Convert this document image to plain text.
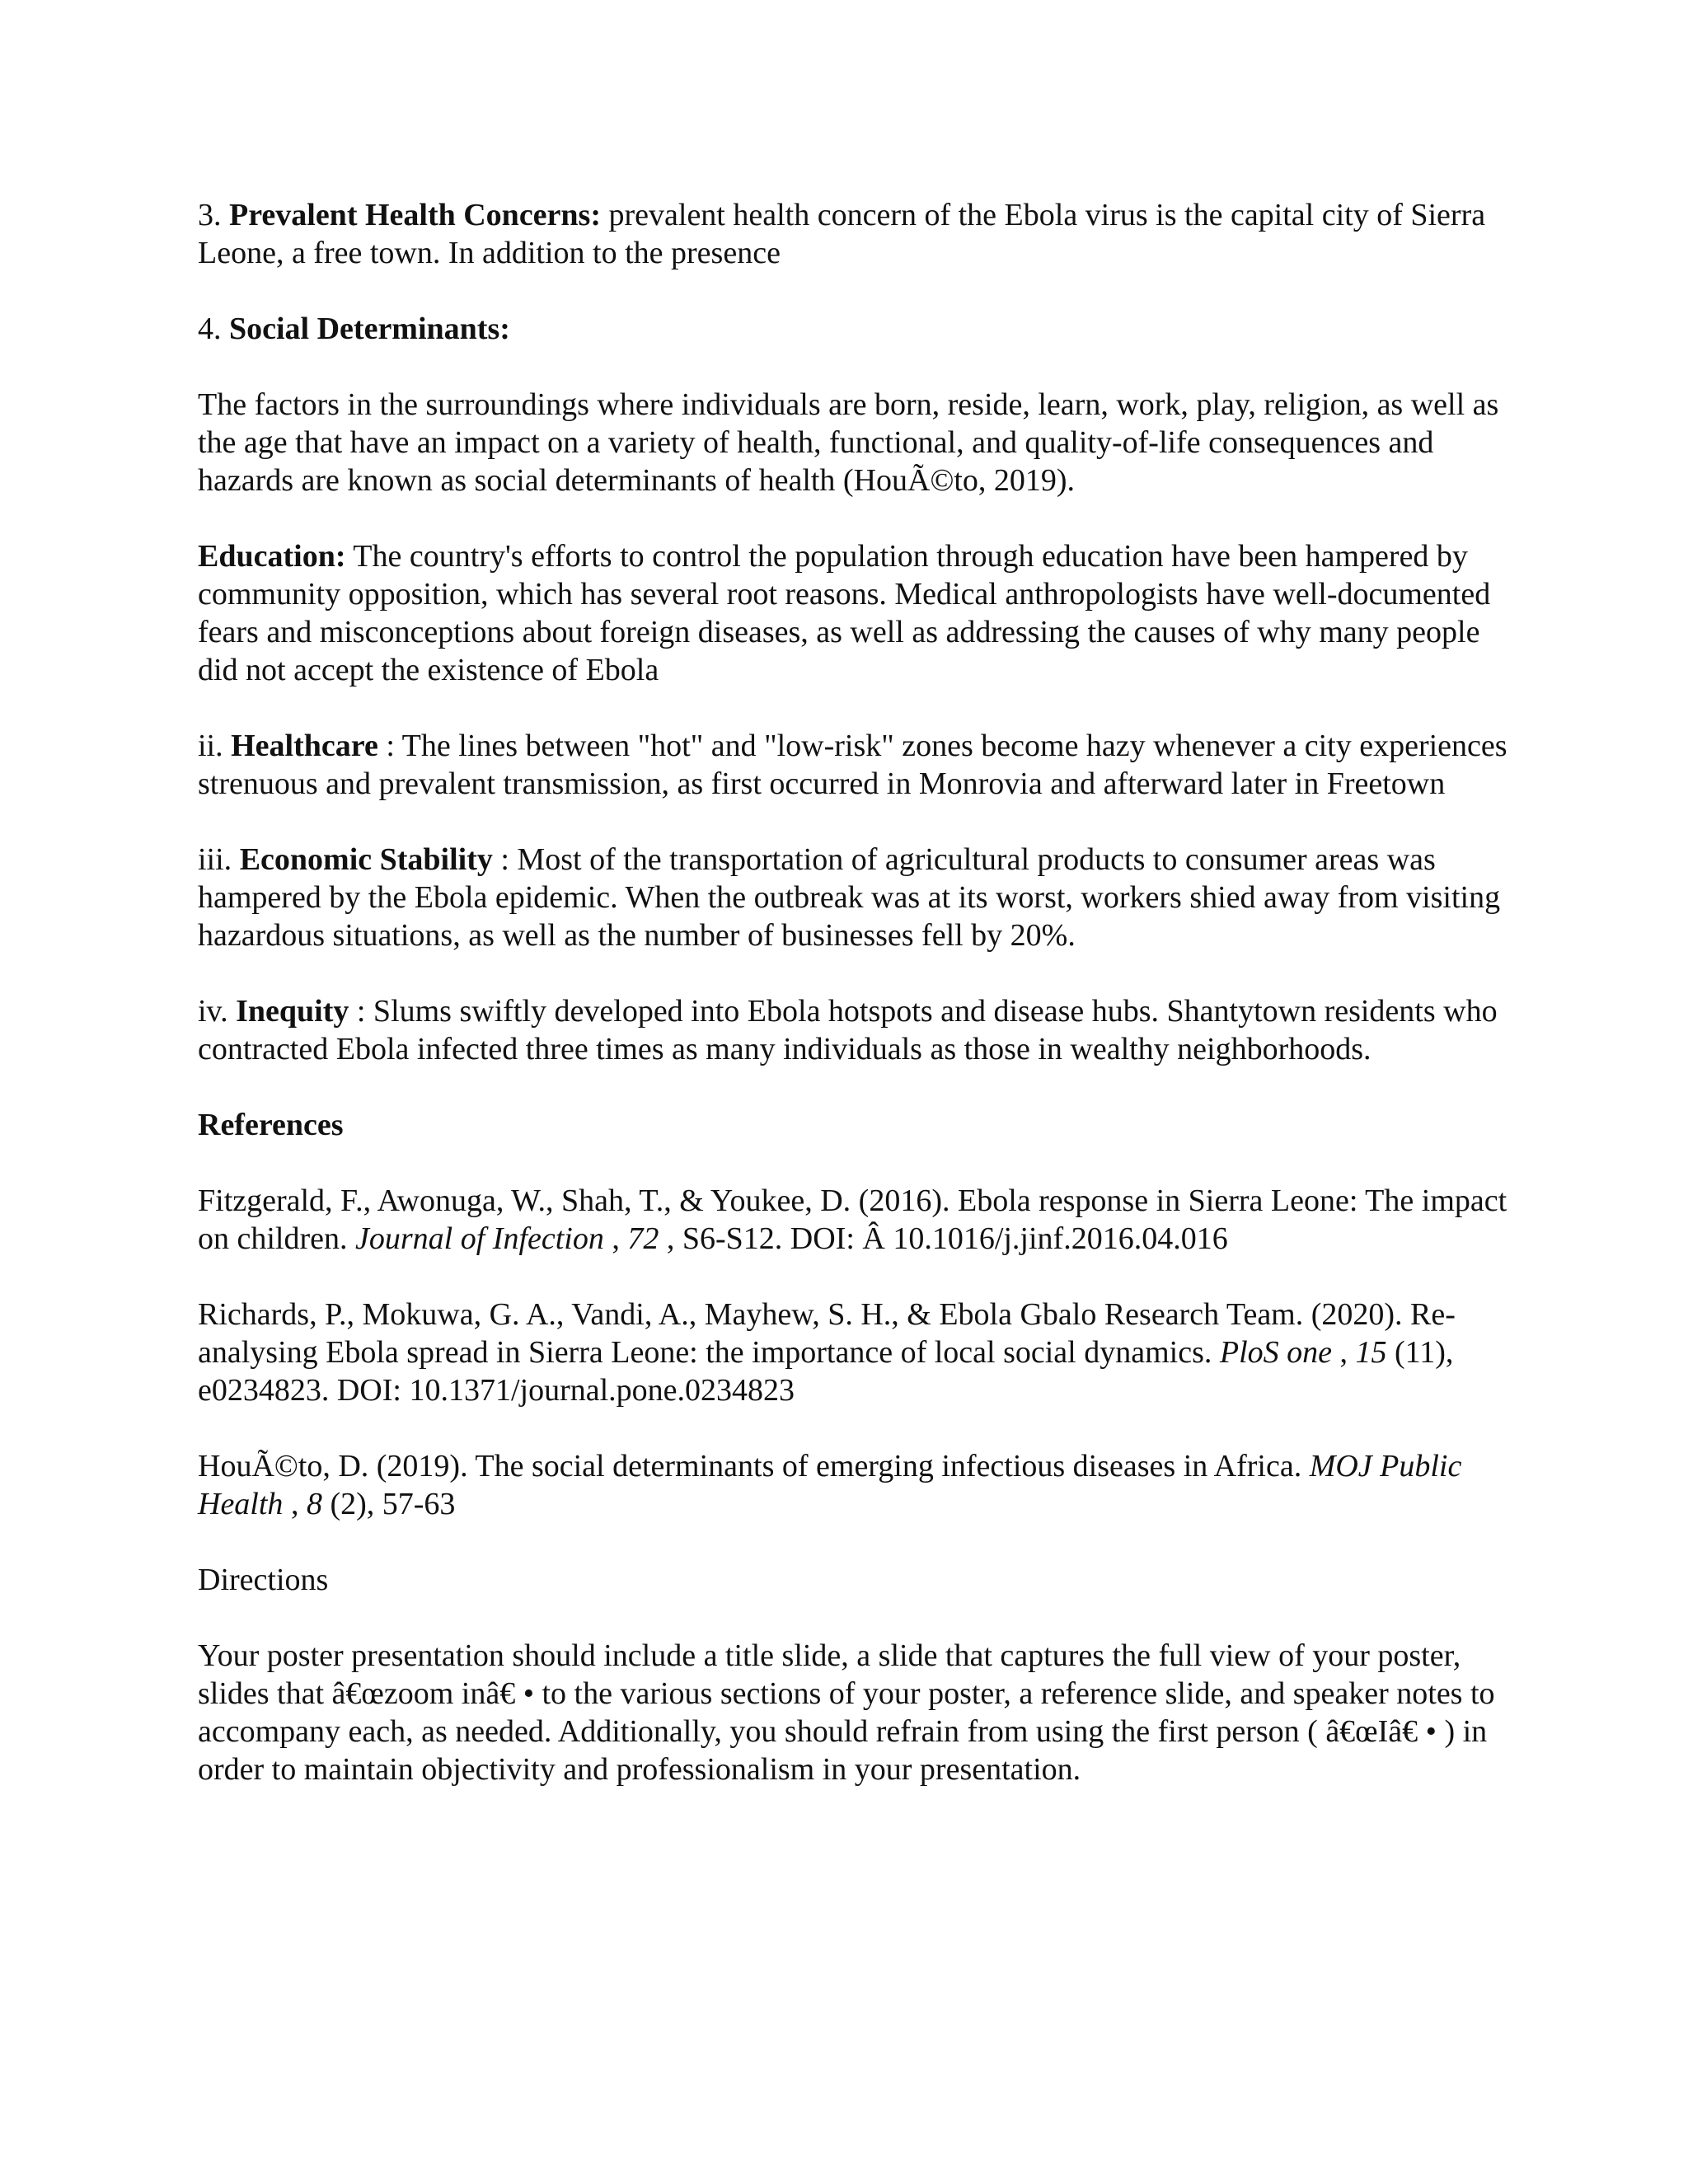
3. Prevalent Health Concerns: prevalent health concern of the Ebola virus is the capital city of Sierra Leone, a free town. In addition to the presence

4. Social Determinants:

The factors in the surroundings where individuals are born, reside, learn, work, play, religion, as well as the age that have an impact on a variety of health, functional, and quality-of-life consequences and hazards are known as social determinants of health (HouÃ©to, 2019).

Education: The country's efforts to control the population through education have been hampered by community opposition, which has several root reasons. Medical anthropologists have well-documented fears and misconceptions about foreign diseases, as well as addressing the causes of why many people did not accept the existence of Ebola

ii. Healthcare : The lines between "hot" and "low-risk" zones become hazy whenever a city experiences strenuous and prevalent transmission, as first occurred in Monrovia and afterward later in Freetown

iii. Economic Stability : Most of the transportation of agricultural products to consumer areas was hampered by the Ebola epidemic. When the outbreak was at its worst, workers shied away from visiting hazardous situations, as well as the number of businesses fell by 20%.

iv. Inequity : Slums swiftly developed into Ebola hotspots and disease hubs. Shantytown residents who contracted Ebola infected three times as many individuals as those in wealthy neighborhoods.

References

Fitzgerald, F., Awonuga, W., Shah, T., & Youkee, D. (2016). Ebola response in Sierra Leone: The impact on children. Journal of Infection , 72 , S6-S12. DOI: Â 10.1016/j.jinf.2016.04.016

Richards, P., Mokuwa, G. A., Vandi, A., Mayhew, S. H., & Ebola Gbalo Research Team. (2020). Re-analysing Ebola spread in Sierra Leone: the importance of local social dynamics. PloS one , 15 (11), e0234823. DOI: 10.1371/journal.pone.0234823

HouÃ©to, D. (2019). The social determinants of emerging infectious diseases in Africa. MOJ Public Health , 8 (2), 57-63

Directions

Your poster presentation should include a title slide, a slide that captures the full view of your poster, slides that â€œzoom inâ€ • to the various sections of your poster, a reference slide, and speaker notes to accompany each, as needed. Additionally, you should refrain from using the first person ( â€œIâ€ • ) in order to maintain objectivity and professionalism in your presentation.
